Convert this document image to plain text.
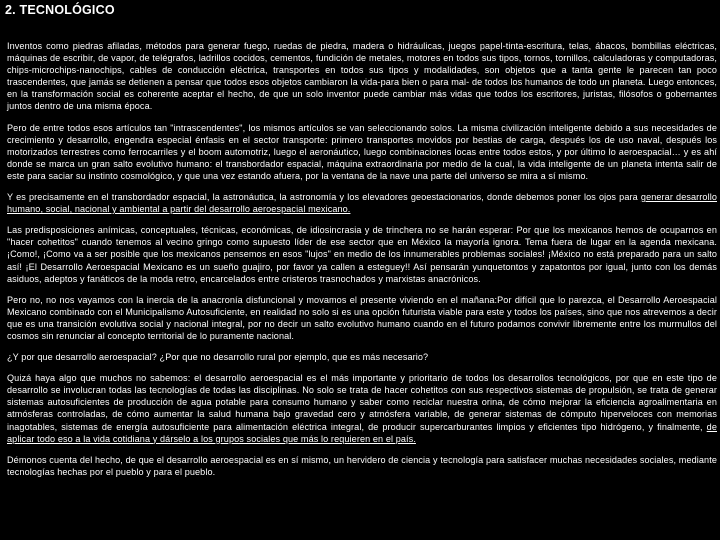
2. TECNOLÓGICO

Inventos como piedras afiladas, métodos para generar fuego, ruedas de piedra, madera o hidráulicas, juegos papel-tinta-escritura, telas, ábacos, bombillas eléctricas, máquinas de escribir, de vapor, de telégrafos, ladrillos cocidos, cementos, fundición de metales, motores en todos sus tipos, tornos, tornillos, calculadoras y computadoras, chips-microchips-nanochips, cables de conducción eléctrica, transportes en todos sus tipos y modalidades, son objetos que a tanta gente le parecen tan poco trascendentes, que jamás se detienen a pensar que todos esos objetos cambiaron la vida-para bien o para mal- de todos los humanos de todo un planeta. Luego entonces, en la transformación social es coherente aceptar el hecho, de que un solo inventor puede cambiar más vidas que todos los escritores, juristas, filósofos o gobernantes juntos dentro de una misma época.

Pero de entre todos esos artículos tan "intrascendentes", los mismos artículos se van seleccionando solos. La misma civilización inteligente debido a sus necesidades de crecimiento y desarrollo, engendra especial énfasis en el sector transporte: primero transportes movidos por bestias de carga, después los de uso naval, después los motorizados terrestres como ferrocarriles y el boom automotriz, luego el aeronáutico, luego combinaciones locas entre todos estos, y por último lo aeroespacial… y es ahí donde se marca un gran salto evolutivo humano: el transbordador espacial, máquina extraordinaria por medio de la cual, la vida inteligente de un planeta intenta salir de este para saciar su instinto cosmológico, y que una vez estando afuera, por la ventana de la nave una parte del universo se mira a sí mismo.

Y es precisamente en el transbordador espacial, la astronáutica, la astronomía y los elevadores geoestacionarios, donde debemos poner los ojos para generar desarrollo humano, social, nacional y ambiental a partir del desarrollo aeroespacial mexicano.

Las predisposiciones anímicas, conceptuales, técnicas, económicas, de idiosincrasia y de trinchera no se harán esperar: Por que los mexicanos hemos de ocuparnos en "hacer cohetitos" cuando tenemos al vecino gringo como supuesto líder de ese sector que en México la mayoría ignora. Tema fuera de lugar en la agenda mexicana. ¡Como!, ¡Como va a ser posible que los mexicanos pensemos en esos "lujos" en medio de los innumerables problemas sociales! ¡México no está preparado para un salto así! ¡El Desarrollo Aeroespacial Mexicano es un sueño guajiro, por favor ya callen a esteguey!! Así pensarán yunquetontos y zapatontos por igual, junto con los demás asiduos, adeptos y fanáticos de la moda retro, encarcelados entre cristeros trasnochados y marxistas anacrónicos.

Pero no, no nos vayamos con la inercia de la anacronía disfuncional y movamos el presente viviendo en el mañana:Por difícil que lo parezca, el Desarrollo Aeroespacial Mexicano combinado con el Municipalismo Autosuficiente, en realidad no solo si es una opción futurista viable para este y todos los países, sino que nos atrevemos a decir que es una transición evolutiva social y nacional integral, por no decir un salto evolutivo humano cuando en el futuro podamos convivir libremente entre los murmullos del cosmos sin renunciar al concepto territorial de lo puramente nacional.

¿Y por que desarrollo aeroespacial? ¿Por que no desarrollo rural por ejemplo, que es más necesario?

Quizá haya algo que muchos no sabemos: el desarrollo aeroespacial es el más importante y prioritario de todos los desarrollos tecnológicos, por que en este tipo de desarrollo se involucran todas las tecnologías de todas las disciplinas. No solo se trata de hacer cohetitos con sus respectivos sistemas de propulsión, se trata de generar sistemas autosuficientes de producción de agua potable para consumo humano y saber como reciclar nuestra orina, de cómo mejorar la eficiencia agroalimentaria en atmósferas controladas, de cómo aumentar la salud humana bajo gravedad cero y atmósfera variable, de generar sistemas de cómputo hiperveloces con memorias inagotables, sistemas de energía autosuficiente para alimentación eléctrica integral, de producir supercarburantes limpios y eficientes tipo hidrógeno, y finalmente, de aplicar todo eso a la vida cotidiana y dárselo a los grupos sociales que más lo requieren en el país.

Démonos cuenta del hecho, de que el desarrollo aeroespacial es en sí mismo, un hervidero de ciencia y tecnología para satisfacer muchas necesidades sociales, mediante tecnologías hechas por el pueblo y para el pueblo.
